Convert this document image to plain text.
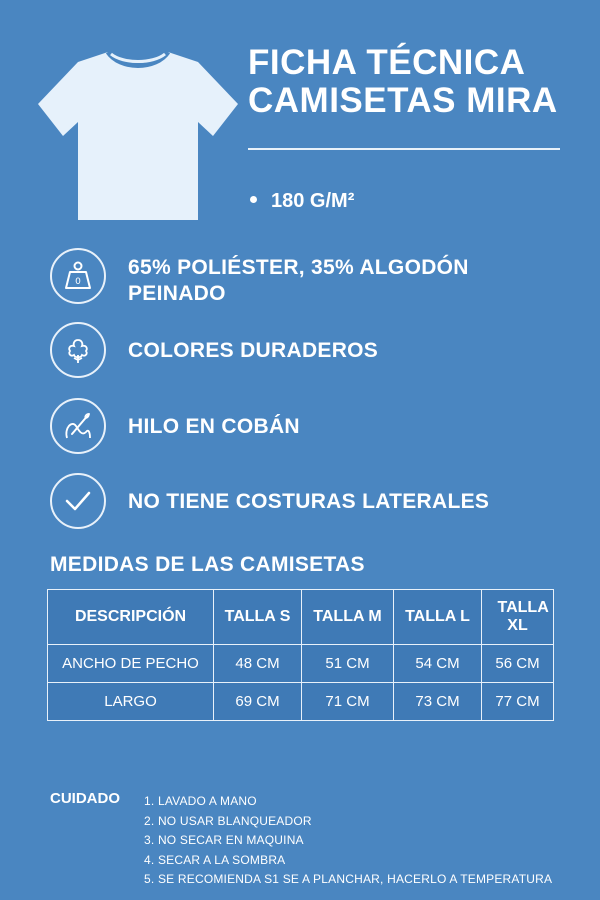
FICHA TÉCNICA
CAMISETAS MIRA
180 G/M²
0
65% POLIÉSTER, 35% ALGODÓN PEINADO
COLORES DURADEROS
HILO EN COBÁN
NO TIENE COSTURAS LATERALES
MEDIDAS DE LAS CAMISETAS
DESCRIPCIÓN	TALLA S	TALLA M	TALLA L	TALLA XL

ANCHO DE PECHO	48 CM	51 CM	54 CM	56 CM
LARGO	69 CM	71 CM	73 CM	77 CM
CUIDADO 1. LAVADO A MANO
2. NO USAR BLANQUEADOR
3. NO SECAR EN MAQUINA
4. SECAR A LA SOMBRA
5. SE RECOMIENDA S1 SE A PLANCHAR, HACERLO A TEMPERATURA
